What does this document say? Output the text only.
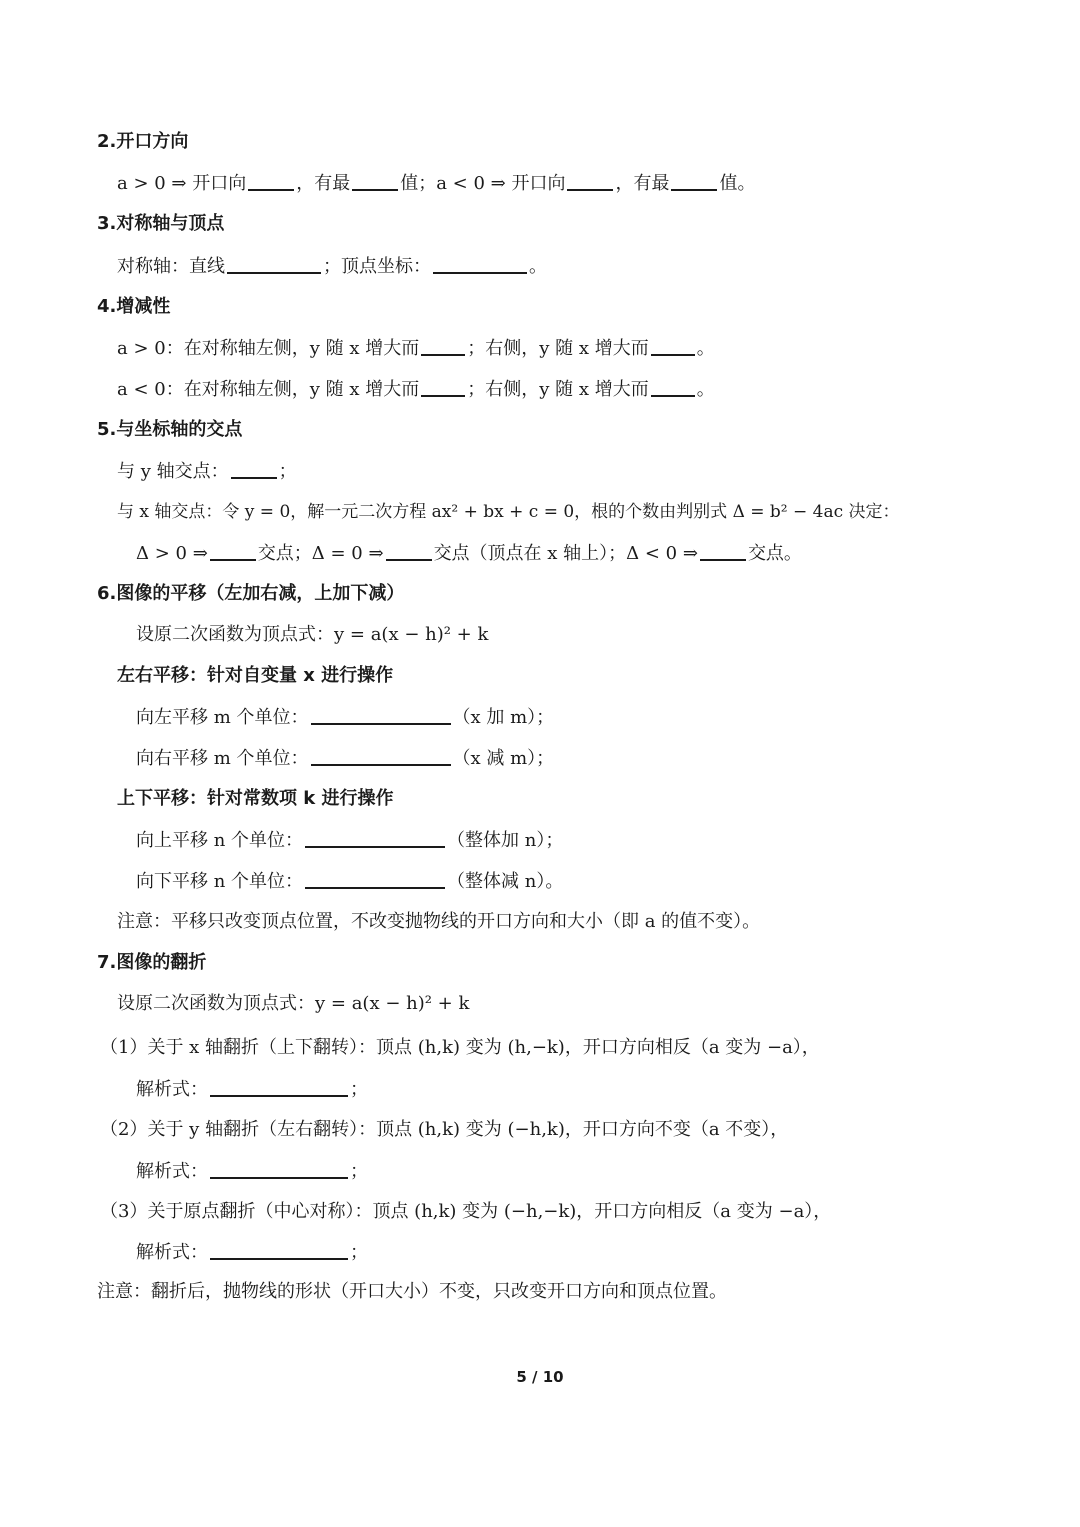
2.开口方向
a > 0 ⇒ 开口向	，有最	值；a < 0 ⇒ 开口向	，有最	值。
3.对称轴与顶点
对称轴：直线	；顶点坐标：	。
4.增减性
a > 0：在对称轴左侧，y 随 x 增大而	；右侧，y 随 x 增大而	。
a < 0：在对称轴左侧，y 随 x 增大而	；右侧，y 随 x 增大而	。
5.与坐标轴的交点
与 y 轴交点：	；
与 x 轴交点：令 y = 0，解一元二次方程 ax² + bx + c = 0，根的个数由判别式 Δ = b² − 4ac 决定：
Δ > 0 ⇒	交点；Δ = 0 ⇒	交点（顶点在 x 轴上）；Δ < 0 ⇒	交点。
6.图像的平移（左加右减，上加下减）
设原二次函数为顶点式：y = a(x − h)² + k
左右平移：针对自变量 x 进行操作
向左平移 m 个单位：	（x 加 m）；
向右平移 m 个单位：	（x 减 m）；
上下平移：针对常数项 k 进行操作
向上平移 n 个单位：	（整体加 n）；
向下平移 n 个单位：	（整体减 n）。
注意：平移只改变顶点位置，不改变抛物线的开口方向和大小（即 a 的值不变）。
7.图像的翻折
设原二次函数为顶点式：y = a(x − h)² + k
（1）关于 x 轴翻折（上下翻转）：顶点 (h,k) 变为 (h,−k)，开口方向相反（a 变为 −a），
解析式：	；
（2）关于 y 轴翻折（左右翻转）：顶点 (h,k) 变为 (−h,k)，开口方向不变（a 不变），
解析式：	；
（3）关于原点翻折（中心对称）：顶点 (h,k) 变为 (−h,−k)，开口方向相反（a 变为 −a），
解析式：	；
注意：翻折后，抛物线的形状（开口大小）不变，只改变开口方向和顶点位置。
5 / 10
